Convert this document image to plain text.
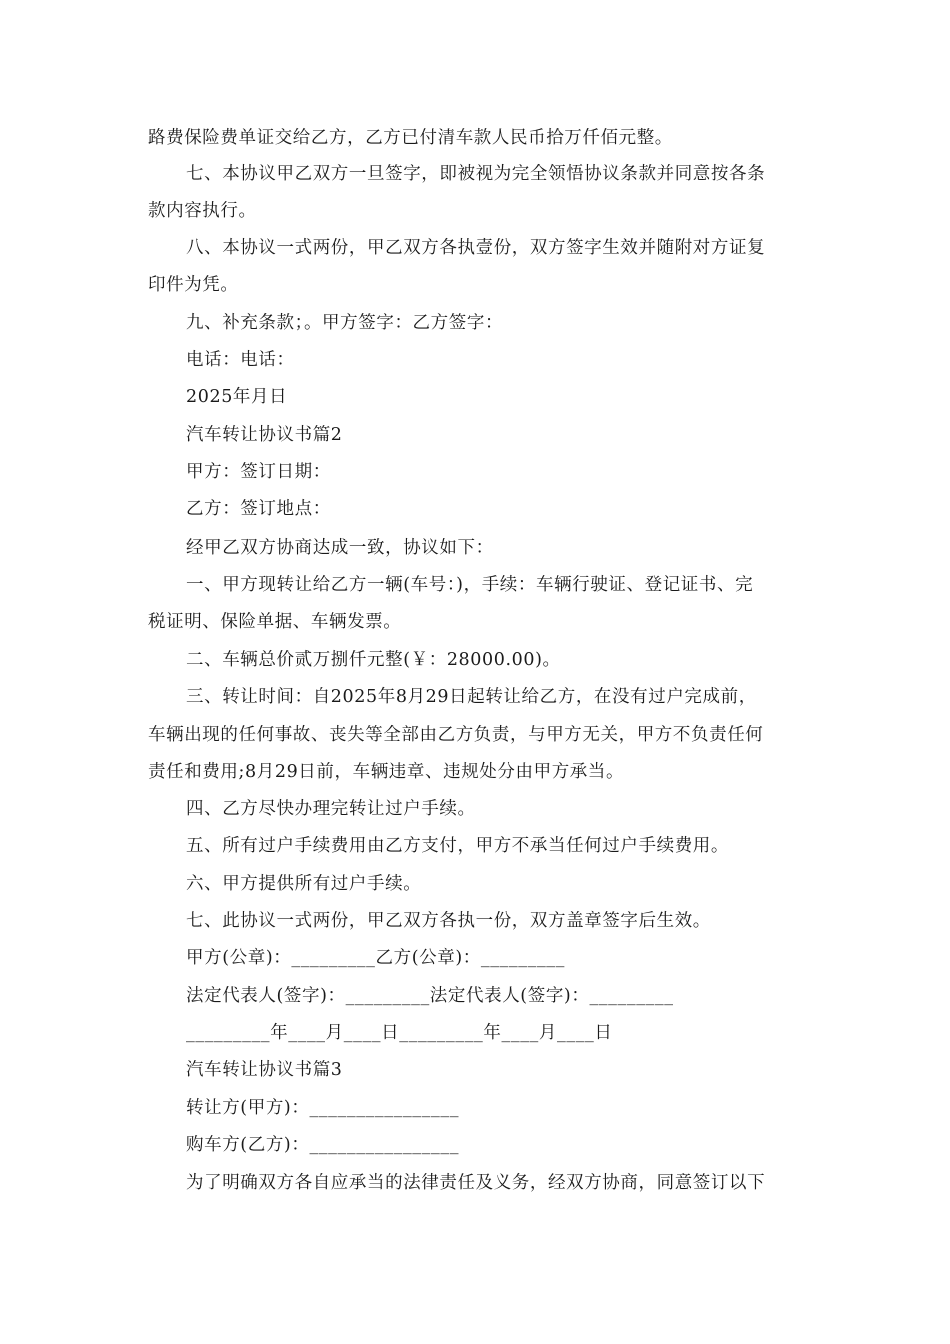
路费保险费单证交给乙方，乙方已付清车款人民币拾万仟佰元整。
七、本协议甲乙双方一旦签字，即被视为完全领悟协议条款并同意按各条
款内容执行。
八、本协议一式两份，甲乙双方各执壹份，双方签字生效并随附对方证复
印件为凭。
九、补充条款；。甲方签字：乙方签字：
电话：电话：
2025年月日
汽车转让协议书篇2
甲方：签订日期：
乙方：签订地点：
经甲乙双方协商达成一致，协议如下：
一、甲方现转让给乙方一辆(车号：)，手续：车辆行驶证、登记证书、完
税证明、保险单据、车辆发票。
二、车辆总价贰万捌仟元整(￥：28000.00)。
三、转让时间：自2025年8月29日起转让给乙方，在没有过户完成前，
车辆出现的任何事故、丧失等全部由乙方负责，与甲方无关，甲方不负责任何
责任和费用;8月29日前，车辆违章、违规处分由甲方承当。
四、乙方尽快办理完转让过户手续。
五、所有过户手续费用由乙方支付，甲方不承当任何过户手续费用。
六、甲方提供所有过户手续。
七、此协议一式两份，甲乙双方各执一份，双方盖章签字后生效。
甲方(公章)：_________乙方(公章)：_________
法定代表人(签字)：_________法定代表人(签字)：_________
_________年____月____日_________年____月____日
汽车转让协议书篇3
转让方(甲方)：________________
购车方(乙方)：________________
为了明确双方各自应承当的法律责任及义务，经双方协商，同意签订以下
